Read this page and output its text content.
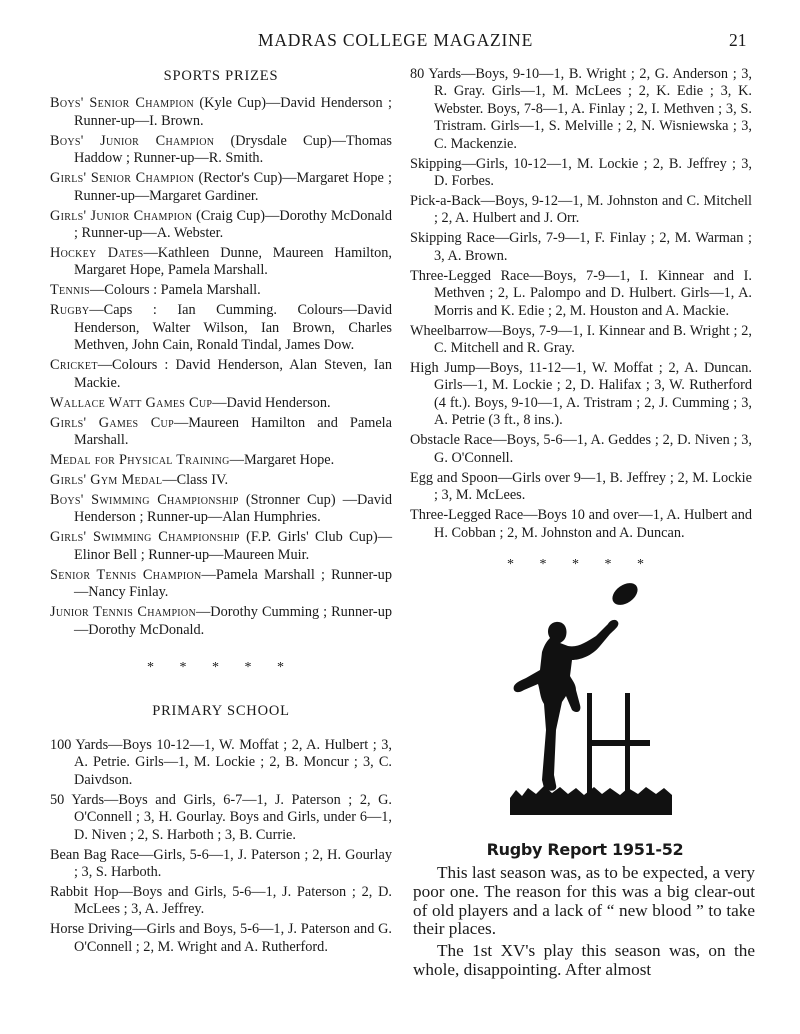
MADRAS COLLEGE MAGAZINE	21
SPORTS PRIZES

Boys' Senior Champion (Kyle Cup)—David Henderson ; Runner-up—I. Brown.

Boys' Junior Champion (Drysdale Cup)—Thomas Haddow ; Runner-up—R. Smith.

Girls' Senior Champion (Rector's Cup)—Margaret Hope ; Runner-up—Margaret Gardiner.

Girls' Junior Champion (Craig Cup)—Dorothy McDonald ; Runner-up—A. Webster.

Hockey Dates—Kathleen Dunne, Maureen Hamilton, Margaret Hope, Pamela Marshall.

Tennis—Colours : Pamela Marshall.

Rugby—Caps : Ian Cumming. Colours—David Henderson, Walter Wilson, Ian Brown, Charles Methven, John Cain, Ronald Tindal, James Dow.

Cricket—Colours : David Henderson, Alan Steven, Ian Mackie.

Wallace Watt Games Cup—David Henderson.

Girls' Games Cup—Maureen Hamilton and Pamela Marshall.

Medal for Physical Training—Margaret Hope.

Girls' Gym Medal—Class IV.

Boys' Swimming Championship (Stronner Cup) —David Henderson ; Runner-up—Alan Humphries.

Girls' Swimming Championship (F.P. Girls' Club Cup)—Elinor Bell ; Runner-up—Maureen Muir.

Senior Tennis Champion—Pamela Marshall ; Runner-up—Nancy Finlay.

Junior Tennis Champion—Dorothy Cumming ; Runner-up—Dorothy McDonald.

* * * * *
PRIMARY SCHOOL

100 Yards—Boys 10-12—1, W. Moffat ; 2, A. Hulbert ; 3, A. Petrie. Girls—1, M. Lockie ; 2, B. Moncur ; 3, C. Daivdson.

50 Yards—Boys and Girls, 6-7—1, J. Paterson ; 2, G. O'Connell ; 3, H. Gourlay. Boys and Girls, under 6—1, D. Niven ; 2, S. Harboth ; 3, B. Currie.

Bean Bag Race—Girls, 5-6—1, J. Paterson ; 2, H. Gourlay ; 3, S. Harboth.

Rabbit Hop—Boys and Girls, 5-6—1, J. Paterson ; 2, D. McLees ; 3, A. Jeffrey.

Horse Driving—Girls and Boys, 5-6—1, J. Paterson and G. O'Connell ; 2, M. Wright and A. Rutherford.

80 Yards—Boys, 9-10—1, B. Wright ; 2, G. Anderson ; 3, R. Gray. Girls—1, M. McLees ; 2, K. Edie ; 3, K. Webster. Boys, 7-8—1, A. Finlay ; 2, I. Methven ; 3, S. Tristram. Girls—1, S. Melville ; 2, N. Wisniewska ; 3, C. Mackenzie.

Skipping—Girls, 10-12—1, M. Lockie ; 2, B. Jeffrey ; 3, D. Forbes.

Pick-a-Back—Boys, 9-12—1, M. Johnston and C. Mitchell ; 2, A. Hulbert and J. Orr.

Skipping Race—Girls, 7-9—1, F. Finlay ; 2, M. Warman ; 3, A. Brown.

Three-Legged Race—Boys, 7-9—1, I. Kinnear and I. Methven ; 2, L. Palompo and D. Hulbert. Girls—1, A. Morris and K. Edie ; 2, M. Houston and A. Mackie.

Wheelbarrow—Boys, 7-9—1, I. Kinnear and B. Wright ; 2, C. Mitchell and R. Gray.

High Jump—Boys, 11-12—1, W. Moffat ; 2, A. Duncan. Girls—1, M. Lockie ; 2, D. Halifax ; 3, W. Rutherford (4 ft.). Boys, 9-10—1, A. Tristram ; 2, J. Cumming ; 3, A. Petrie (3 ft., 8 ins.).

Obstacle Race—Boys, 5-6—1, A. Geddes ; 2, D. Niven ; 3, G. O'Connell.

Egg and Spoon—Girls over 9—1, B. Jeffrey ; 2, M. Lockie ; 3, M. McLees.

Three-Legged Race—Boys 10 and over—1, A. Hulbert and H. Cobban ; 2, M. Johnston and A. Duncan.

* * * * *
Rugby Report 1951-52

This last season was, as to be expected, a very poor one. The reason for this was a big clear-out of old players and a lack of “ new blood ” to take their places.

The 1st XV's play this season was, on the whole, disappointing. After almost
